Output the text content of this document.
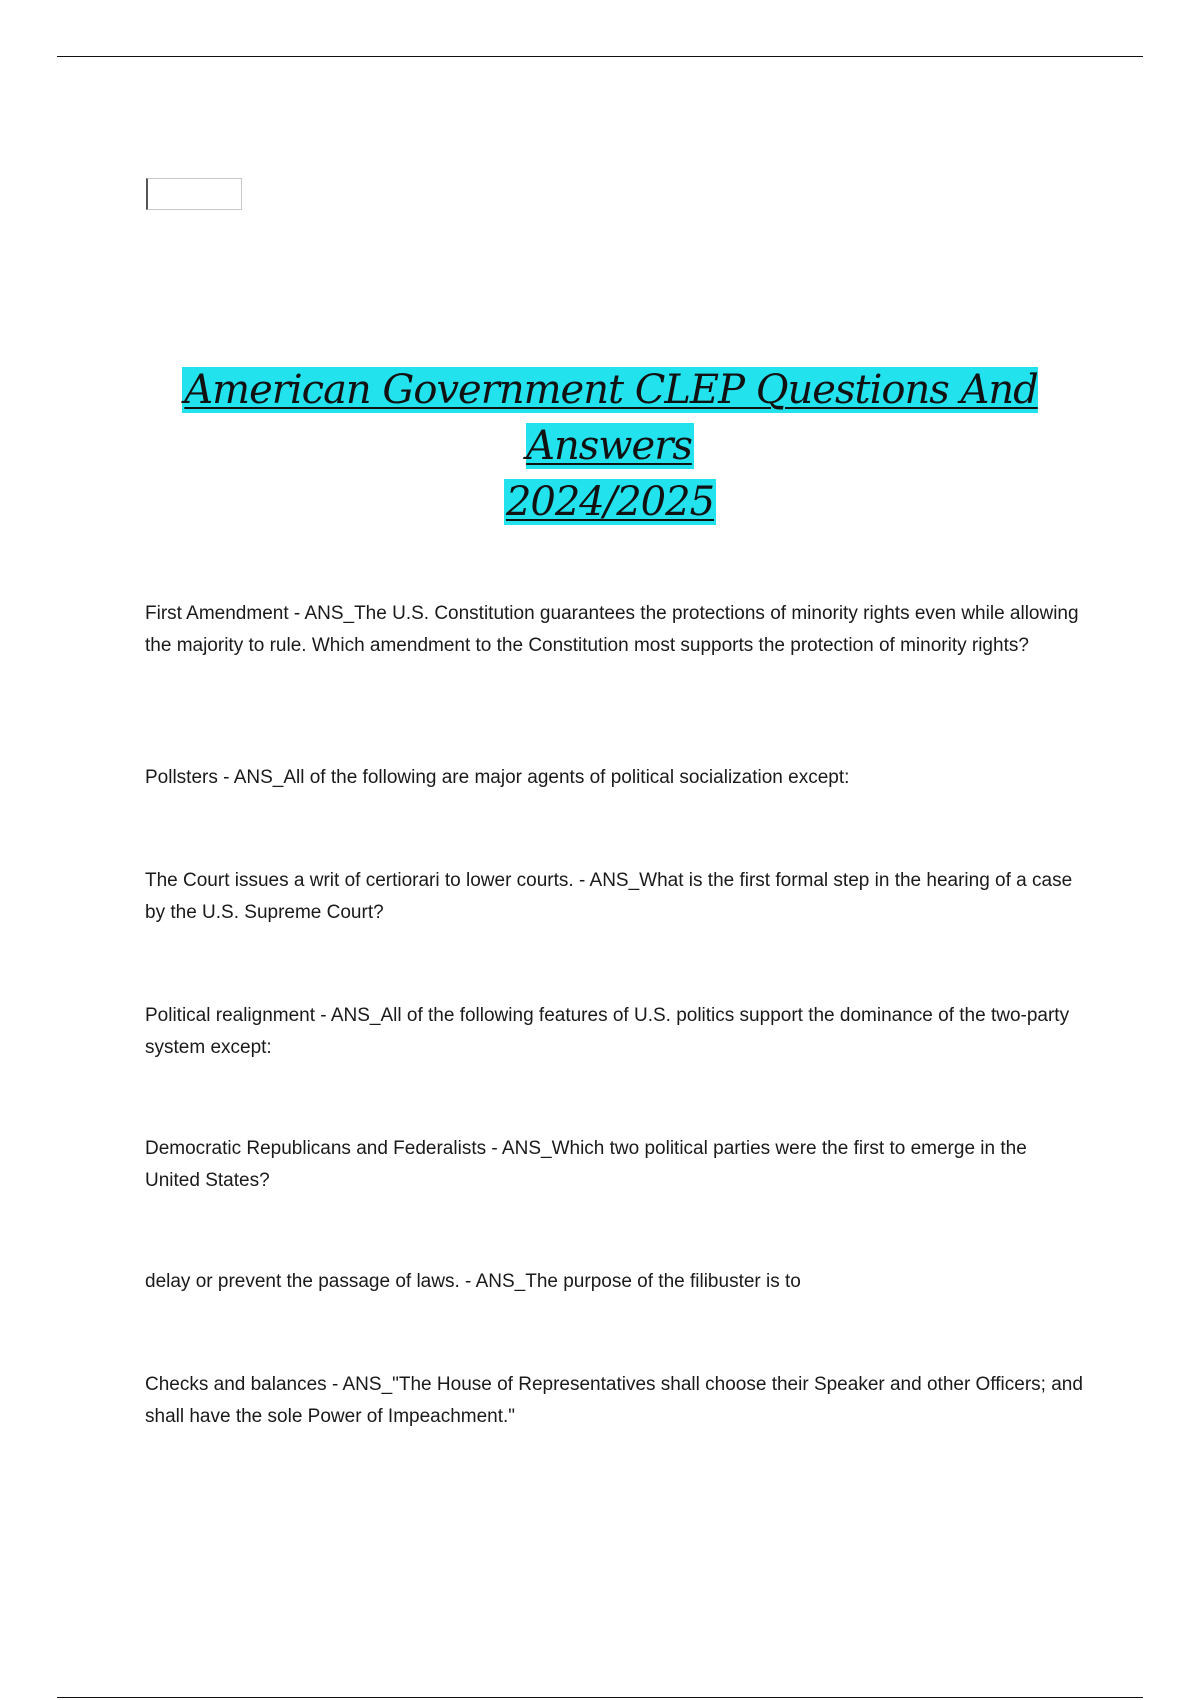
American Government CLEP Questions And Answers
2024/2025

First Amendment - ANS_The U.S. Constitution guarantees the protections of minority rights even while allowing the majority to rule. Which amendment to the Constitution most supports the protection of minority rights?

Pollsters - ANS_All of the following are major agents of political socialization except:

The Court issues a writ of certiorari to lower courts. - ANS_What is the first formal step in the hearing of a case by the U.S. Supreme Court?

Political realignment - ANS_All of the following features of U.S. politics support the dominance of the two-party system except:

Democratic Republicans and Federalists - ANS_Which two political parties were the first to emerge in the United States?

delay or prevent the passage of laws. - ANS_The purpose of the filibuster is to

Checks and balances - ANS_"The House of Representatives shall choose their Speaker and other Officers; and shall have the sole Power of Impeachment."
